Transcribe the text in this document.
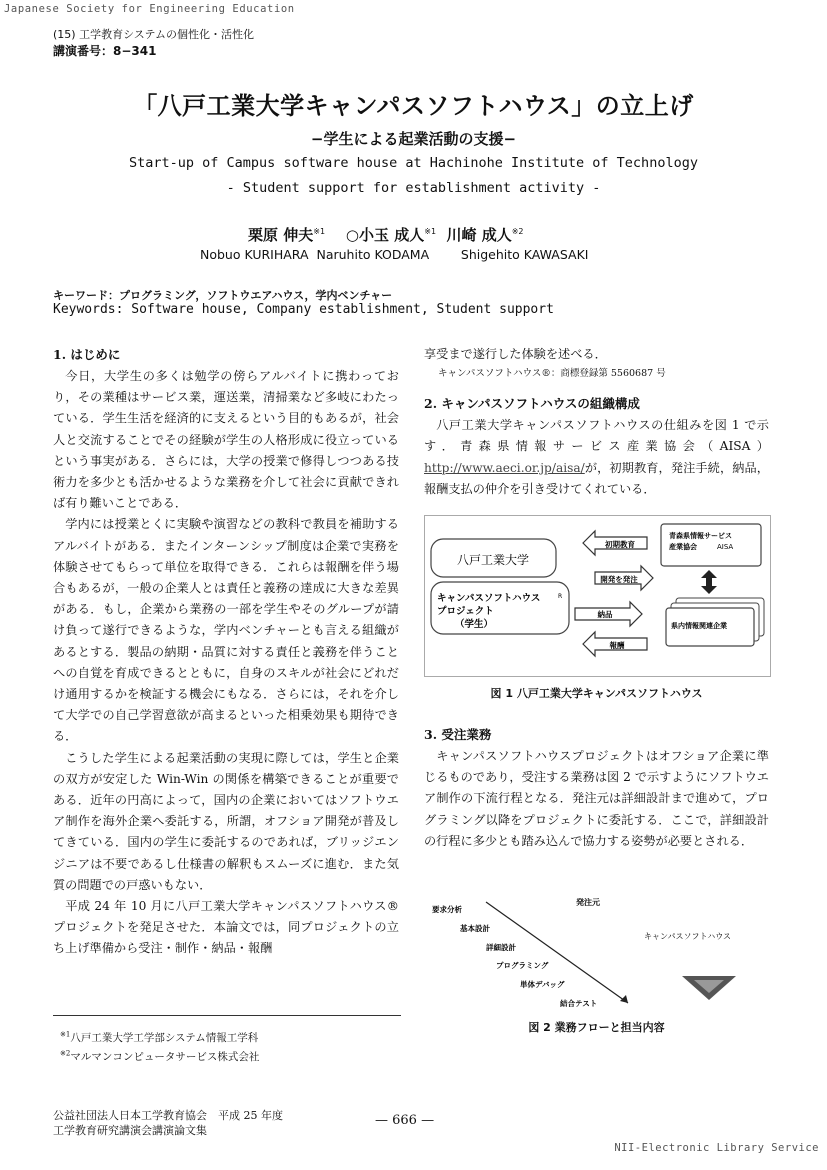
Japanese Society for Engineering Education
(15) 工学教育システムの個性化・活性化
講演番号：8−341
「八戸工業大学キャンパスソフトハウス」の立上げ
−学生による起業活動の支援−
Start-up of Campus software house at Hachinohe Institute of Technology
- Student support for establishment activity -
栗原 伸夫$^{※1}$ ○小玉 成人$^{※1}$ 川崎 成人$^{※2}$
Nobuo KURIHARA  Naruhito KODAMA        Shigehito KAWASAKI
キーワード：プログラミング，ソフトウエアハウス，学内ベンチャー
Keywords: Software house, Company establishment, Student support
1. はじめに

今日，大学生の多くは勉学の傍らアルバイトに携わっており，その業種はサービス業，運送業，清掃業など多岐にわたっている．学生生活を経済的に支えるという目的もあるが，社会人と交流することでその経験が学生の人格形成に役立っているという事実がある．さらには，大学の授業で修得しつつある技術力を多少とも活かせるような業務を介して社会に貢献できれば有り難いことである．

学内には授業とくに実験や演習などの教科で教員を補助するアルバイトがある．またインターンシップ制度は企業で実務を体験させてもらって単位を取得できる．これらは報酬を伴う場合もあるが，一般の企業人とは責任と義務の達成に大きな差異がある．もし，企業から業務の一部を学生やそのグループが請け負って遂行できるような，学内ベンチャーとも言える組織があるとする．製品の納期・品質に対する責任と義務を伴うことへの自覚を育成できるとともに，自身のスキルが社会にどれだけ通用するかを検証する機会にもなる．さらには，それを介して大学での自己学習意欲が高まるといった相乗効果も期待できる．

こうした学生による起業活動の実現に際しては，学生と企業の双方が安定した Win-Win の関係を構築できることが重要である．近年の円高によって，国内の企業においてはソフトウエア制作を海外企業へ委託する，所謂，オフショア開発が普及してきている．国内の学生に委託するのであれば，ブリッジエンジニアは不要であるし仕様書の解釈もスムーズに進む．また気質の問題での戸惑いもない．

平成 24 年 10 月に八戸工業大学キャンパスソフトハウス®プロジェクトを発足させた．本論文では，同プロジェクトの立ち上げ準備から受注・制作・納品・報酬

享受まで遂行した体験を述べる．

キャンパスソフトハウス®：商標登録第 5560687 号
2. キャンパスソフトハウスの組織構成

八戸工業大学キャンパスソフトハウスの仕組みを図 1 で示す．青森県情報サービス産業協会（AISA）http://www.aeci.or.jp/aisa/が，初期教育，発注手続，納品，報酬支払の仲介を引き受けてくれている．

八戸工業大学
キャンパスソフトハウス	R
プロジェクト
（学生）
初期教育
開発を発注
納品
報酬
青森県情報サービス
産業協会	AISA
県内情報関連企業
図 1 八戸工業大学キャンパスソフトハウス
3. 受注業務

キャンパスソフトハウスプロジェクトはオフショア企業に準じるものであり，受注する業務は図 2 で示すようにソフトウエア制作の下流行程となる．発注元は詳細設計まで進めて，プログラミング以降をプロジェクトに委託する．ここで，詳細設計の行程に多少とも踏み込んで協力する姿勢が必要とされる．

発注元
キャンパスソフトハウス
要求分析
基本設計
詳細設計
プログラミング
単体デバッグ
結合テスト
図 2 業務フローと担当内容
$^{※1}$八戸工業大学工学部システム情報工学科
$^{※2}$マルマンコンピュータサービス株式会社
公益社団法人日本工学教育協会　平成 25 年度
工学教育研究講演会講演論文集
— 666 —
NII-Electronic Library Service
